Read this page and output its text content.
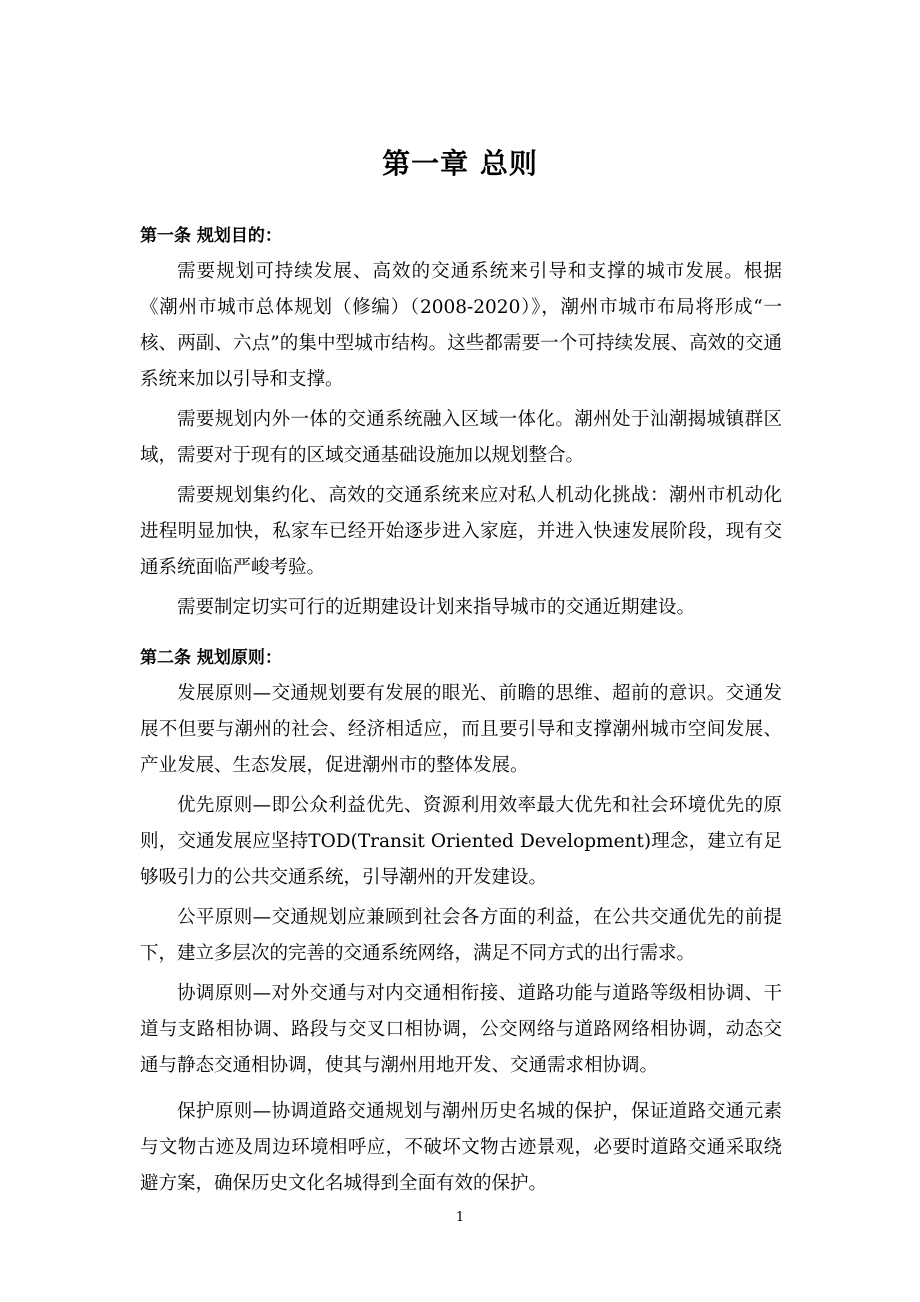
第一章 总则

第一条 规划目的：

需要规划可持续发展、高效的交通系统来引导和支撑的城市发展。根据《潮州市城市总体规划（修编）（2008-2020）》，潮州市城市布局将形成“一核、两副、六点”的集中型城市结构。这些都需要一个可持续发展、高效的交通系统来加以引导和支撑。

需要规划内外一体的交通系统融入区域一体化。潮州处于汕潮揭城镇群区域，需要对于现有的区域交通基础设施加以规划整合。

需要规划集约化、高效的交通系统来应对私人机动化挑战：潮州市机动化进程明显加快，私家车已经开始逐步进入家庭，并进入快速发展阶段，现有交通系统面临严峻考验。

需要制定切实可行的近期建设计划来指导城市的交通近期建设。

第二条 规划原则：

发展原则—交通规划要有发展的眼光、前瞻的思维、超前的意识。交通发展不但要与潮州的社会、经济相适应，而且要引导和支撑潮州城市空间发展、产业发展、生态发展，促进潮州市的整体发展。

优先原则—即公众利益优先、资源利用效率最大优先和社会环境优先的原则，交通发展应坚持TOD(Transit Oriented Development)理念，建立有足够吸引力的公共交通系统，引导潮州的开发建设。

公平原则—交通规划应兼顾到社会各方面的利益，在公共交通优先的前提下，建立多层次的完善的交通系统网络，满足不同方式的出行需求。

协调原则—对外交通与对内交通相衔接、道路功能与道路等级相协调、干道与支路相协调、路段与交叉口相协调，公交网络与道路网络相协调，动态交通与静态交通相协调，使其与潮州用地开发、交通需求相协调。

保护原则—协调道路交通规划与潮州历史名城的保护，保证道路交通元素与文物古迹及周边环境相呼应，不破坏文物古迹景观，必要时道路交通采取绕避方案，确保历史文化名城得到全面有效的保护。

1
